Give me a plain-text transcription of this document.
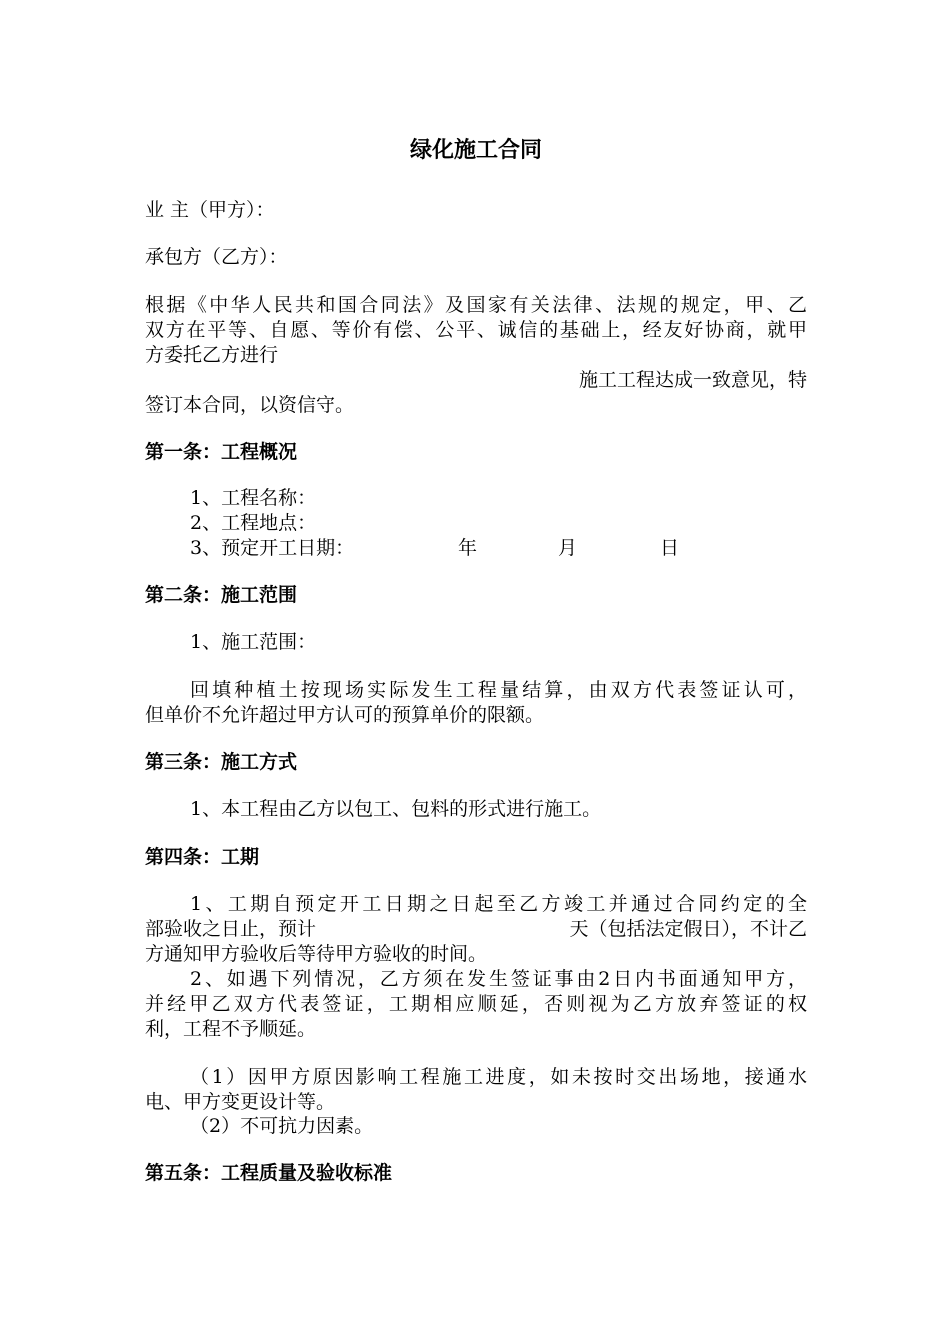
绿化施工合同
业 主（甲方）：
承包方（乙方）：
根据《中华人民共和国合同法》及国家有关法律、法规的规定，甲、乙
双方在平等、自愿、等价有偿、公平、诚信的基础上，经友好协商，就甲
方委托乙方进行
施工工程达成一致意见，特
签订本合同，以资信守。
第一条：工程概况
1、工程名称：
2、工程地点：
3、预定开工日期：	年	月	日
第二条：施工范围
1、施工范围：
回填种植土按现场实际发生工程量结算，由双方代表签证认可，
但单价不允许超过甲方认可的预算单价的限额。
第三条：施工方式
1、本工程由乙方以包工、包料的形式进行施工。
第四条：工期
1、工期自预定开工日期之日起至乙方竣工并通过合同约定的全
部验收之日止，预计	天（包括法定假日），不计乙
方通知甲方验收后等待甲方验收的时间。
2、如遇下列情况，乙方须在发生签证事由2日内书面通知甲方，
并经甲乙双方代表签证，工期相应顺延，否则视为乙方放弃签证的权
利，工程不予顺延。
（1）因甲方原因影响工程施工进度，如未按时交出场地，接通水
电、甲方变更设计等。
（2）不可抗力因素。
第五条：工程质量及验收标准
